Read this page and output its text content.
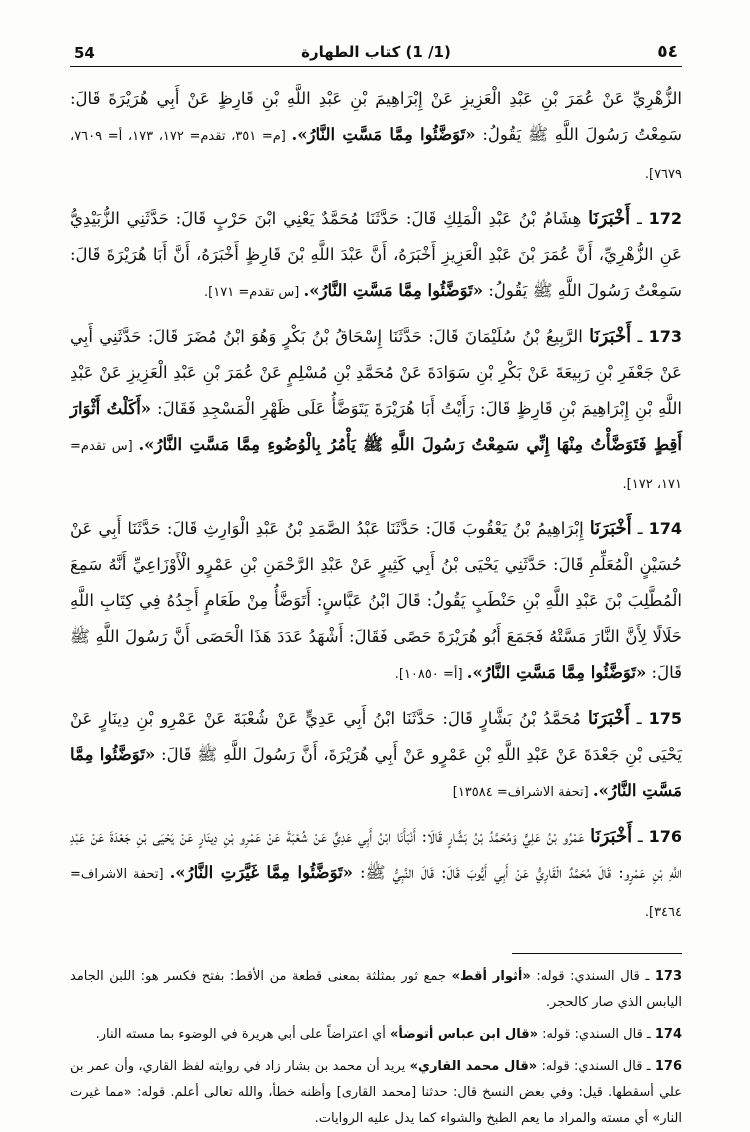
54	(1/ 1) كتاب الطهارة	٥٤

الزُّهْرِيِّ عَنْ عُمَرَ بْنِ عَبْدِ الْعَزِيزِ عَنْ إِبْرَاهِيمَ بْنِ عَبْدِ اللَّهِ بْنِ قَارِظٍ عَنْ أَبِي هُرَيْرَةَ قَالَ: سَمِعْتُ رَسُولَ اللَّهِ ﷺ يَقُولُ: «تَوَضَّئُوا مِمَّا مَسَّتِ النَّارُ». [م= ٣٥١، تقدم= ١٧٢، ١٧٣، أ= ٧٦٠٩، ٧٦٧٩].

172 ـ أَخْبَرَنَا هِشَامُ بْنُ عَبْدِ الْمَلِكِ قَالَ: حَدَّثَنَا مُحَمَّدٌ يَعْنِي ابْنَ حَرْبٍ قَالَ: حَدَّثَنِي الزُّبَيْدِيُّ عَنِ الزُّهْرِيِّ، أَنَّ عُمَرَ بْنَ عَبْدِ الْعَزِيزِ أَخْبَرَهُ، أَنَّ عَبْدَ اللَّهِ بْنَ قَارِظٍ أَخْبَرَهُ، أَنَّ أَبَا هُرَيْرَةَ قَالَ: سَمِعْتُ رَسُولَ اللَّهِ ﷺ يَقُولُ: «تَوَضَّئُوا مِمَّا مَسَّتِ النَّارُ». [س تقدم= ١٧١].

173 ـ أَخْبَرَنَا الرَّبِيعُ بْنُ سُلَيْمَانَ قَالَ: حَدَّثَنَا إِسْحَاقُ بْنُ بَكْرٍ وَهُوَ ابْنُ مُضَرَ قَالَ: حَدَّثَنِي أَبِي عَنْ جَعْفَرِ بْنِ رَبِيعَةَ عَنْ بَكْرِ بْنِ سَوَادَةَ عَنْ مُحَمَّدِ بْنِ مُسْلِمٍ عَنْ عُمَرَ بْنِ عَبْدِ الْعَزِيزِ عَنْ عَبْدِ اللَّهِ بْنِ إِبْرَاهِيمَ بْنِ قَارِظٍ قَالَ: رَأَيْتُ أَبَا هُرَيْرَةَ يَتَوَضَّأُ عَلَى ظَهْرِ الْمَسْجِدِ فَقَالَ: «أَكَلْتُ أَثْوَارَ أَقِطٍ فَتَوَضَّأْتُ مِنْهَا إِنِّي سَمِعْتُ رَسُولَ اللَّهِ ﷺ يَأْمُرُ بِالْوُضُوءِ مِمَّا مَسَّتِ النَّارُ». [س تقدم= ١٧١، ١٧٢].

174 ـ أَخْبَرَنَا إِبْرَاهِيمُ بْنُ يَعْقُوبَ قَالَ: حَدَّثَنَا عَبْدُ الصَّمَدِ بْنُ عَبْدِ الْوَارِثِ قَالَ: حَدَّثَنَا أَبِي عَنْ حُسَيْنٍ الْمُعَلِّمِ قَالَ: حَدَّثَنِي يَحْيَى بْنُ أَبِي كَثِيرٍ عَنْ عَبْدِ الرَّحْمَنِ بْنِ عَمْرٍو الْأَوْزَاعِيِّ أَنَّهُ سَمِعَ الْمُطَّلِبَ بْنَ عَبْدِ اللَّهِ بْنِ حَنْطَبٍ يَقُولُ: قَالَ ابْنُ عَبَّاسٍ: أَتَوَضَّأُ مِنْ طَعَامٍ أَجِدُهُ فِي كِتَابِ اللَّهِ حَلَالًا لِأَنَّ النَّارَ مَسَّتْهُ فَجَمَعَ أَبُو هُرَيْرَةَ حَصًى فَقَالَ: أَشْهَدُ عَدَدَ هَذَا الْحَصَى أَنَّ رَسُولَ اللَّهِ ﷺ قَالَ: «تَوَضَّئُوا مِمَّا مَسَّتِ النَّارُ». [أ= ١٠٨٥٠].

175 ـ أَخْبَرَنَا مُحَمَّدُ بْنُ بَشَّارٍ قَالَ: حَدَّثَنَا ابْنُ أَبِي عَدِيٍّ عَنْ شُعْبَةَ عَنْ عَمْرِو بْنِ دِينَارٍ عَنْ يَحْيَى بْنِ جَعْدَةَ عَنْ عَبْدِ اللَّهِ بْنِ عَمْرٍو عَنْ أَبِي هُرَيْرَةَ، أَنَّ رَسُولَ اللَّهِ ﷺ قَالَ: «تَوَضَّئُوا مِمَّا مَسَّتِ النَّارُ». [تحفة الاشراف= ١٣٥٨٤]

176 ـ أَخْبَرَنَا عَمْرُو بْنُ عَلِيٍّ وَمُحَمَّدُ بْنُ بَشَّارٍ قَالَا: أَنْبَأَنَا ابْنُ أَبِي عَدِيٍّ عَنْ شُعْبَةَ عَنْ عَمْرِو بْنِ دِينَارٍ عَنْ يَحْيَى بْنِ جَعْدَةَ عَنْ عَبْدِ اللَّهِ بْنِ عَمْرٍو: قَالَ مُحَمَّدٌ الْقَارِيُّ عَنْ أَبِي أَيُّوبَ قَالَ: قَالَ النَّبِيُّ ﷺ: «تَوَضَّئُوا مِمَّا غَيَّرَتِ النَّارُ». [تحفة الاشراف= ٣٤٦٤].

173 ـ قال السندي: قوله: «أثوار أقط» جمع ثور بمثلثة بمعنى قطعة من الأقط: بفتح فكسر هو: اللبن الجامد اليابس الذي صار كالحجر.

174 ـ قال السندي: قوله: «قال ابن عباس أتوضأ» أي اعتراضاً على أبي هريرة في الوضوء بما مسته النار.

176 ـ قال السندي: قوله: «قال محمد القاري» يريد أن محمد بن بشار زاد في روايته لفظ القاري، وأن عمر بن علي أسقطها. قيل: وفي بعض النسخ قال: حدثنا [محمد القارى] وأظنه خطأ، والله تعالى أعلم. قوله: «مما غيرت النار» أي مسته والمراد ما يعم الطبخ والشواء كما يدل عليه الروايات.
